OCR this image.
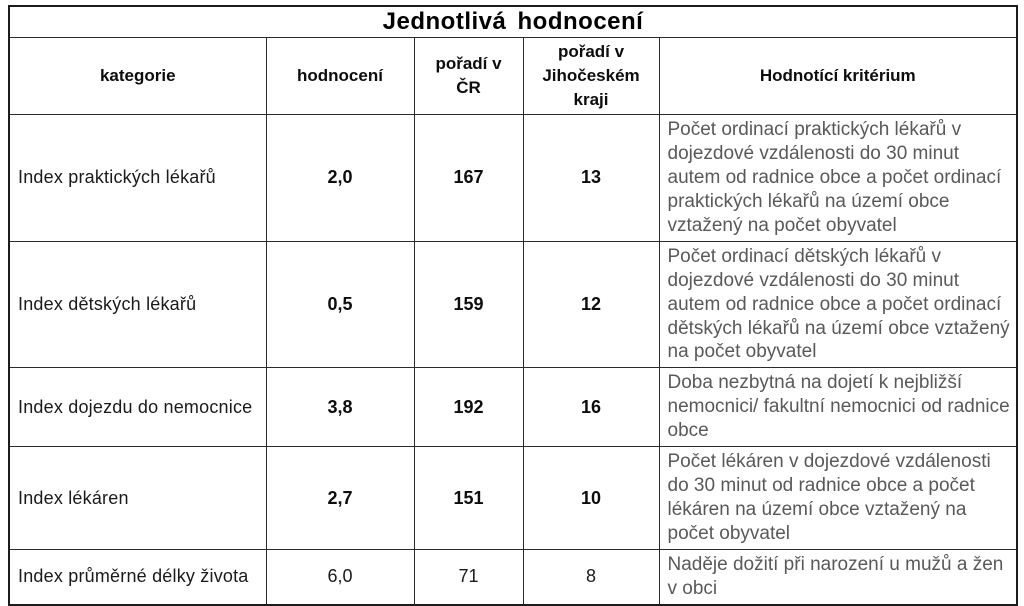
Jednotlivá hodnocení				
kategorie	hodnocení	pořadí v ČR	pořadí v Jihočeském kraji	Hodnotící kritérium
Index praktických lékařů	2,0	167	13	Počet ordinací praktických lékařů v dojezdové vzdálenosti do 30 minut autem od radnice obce a počet ordinací praktických lékařů na území obce vztažený na počet obyvatel
Index dětských lékařů	0,5	159	12	Počet ordinací dětských lékařů v dojezdové vzdálenosti do 30 minut autem od radnice obce a počet ordinací dětských lékařů na území obce vztažený na počet obyvatel
Index dojezdu do nemocnice	3,8	192	16	Doba nezbytná na dojetí k nejbližší nemocnici/ fakultní nemocnici od radnice obce
Index lékáren	2,7	151	10	Počet lékáren v dojezdové vzdálenosti do 30 minut od radnice obce a počet lékáren na území obce vztažený na počet obyvatel
Index průměrné délky života	6,0	71	8	Naděje dožití při narození u mužů a žen v obci
